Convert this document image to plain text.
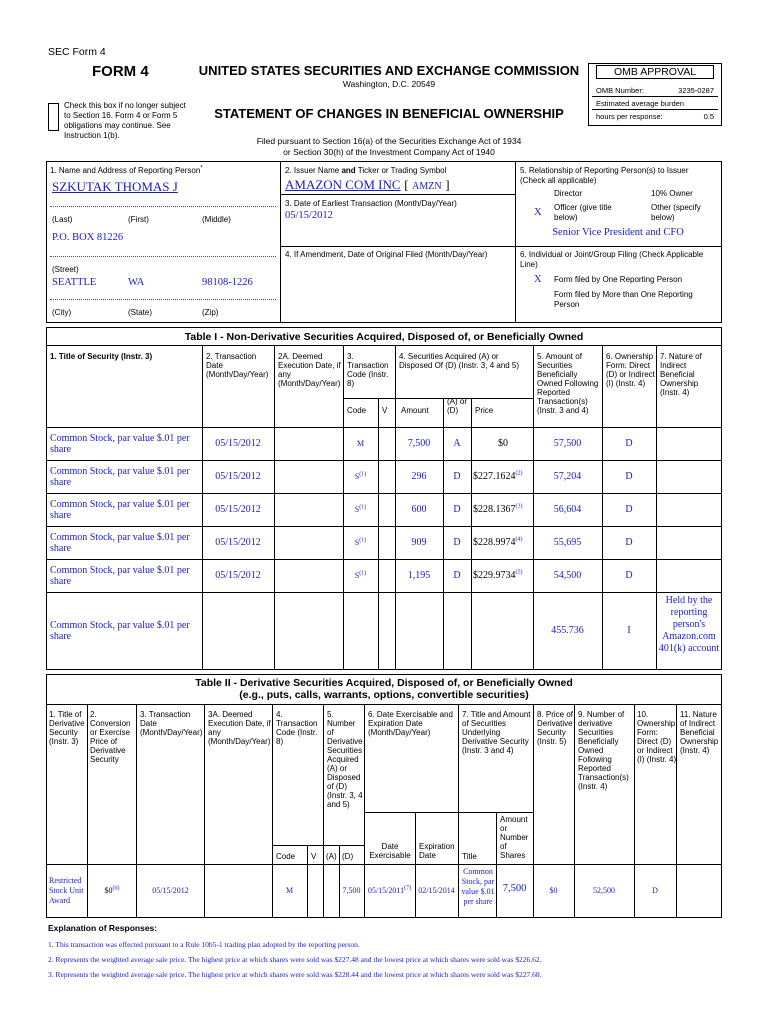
SEC Form 4
FORM 4	UNITED STATES SECURITIES AND EXCHANGE COMMISSION
Washington, D.C. 20549
Check this box if no longer subject to Section 16. Form 4 or Form 5 obligations may continue. See Instruction 1(b).
STATEMENT OF CHANGES IN BENEFICIAL OWNERSHIP
OMB APPROVAL
OMB Number:	3235-0287
Estimated average burden
hours per response:	0.5
Filed pursuant to Section 16(a) of the Securities Exchange Act of 1934
or Section 30(h) of the Investment Company Act of 1940
1. Name and Address of Reporting Person*
SZKUTAK THOMAS J
(Last)	(First)	(Middle)
P.O. BOX 81226
(Street)
SEATTLE	WA	98108-1226
(City)	(State)	(Zip)
2. Issuer Name and Ticker or Trading Symbol
AMAZON COM INC [ AMZN ]
3. Date of Earliest Transaction (Month/Day/Year)
05/15/2012
4. If Amendment, Date of Original Filed (Month/Day/Year)
5. Relationship of Reporting Person(s) to Issuer (Check all applicable)
Director	10% Owner
X Officer (give title below)
Other (specify below)
Senior Vice President and CFO
6. Individual or Joint/Group Filing (Check Applicable Line)
X Form filed by One Reporting Person
Form filed by More than One Reporting Person
Table I - Non-Derivative Securities Acquired, Disposed of, or Beneficially Owned
1. Title of Security (Instr. 3)	2. Transaction Date (Month/Day/Year)
2A. Deemed Execution Date, if any (Month/Day/Year)
3. Transaction Code (Instr. 8)
4. Securities Acquired (A) or Disposed Of (D) (Instr. 3, 4 and 5)
5. Amount of Securities Beneficially Owned Following Reported Transaction(s) (Instr. 3 and 4)
6. Ownership Form: Direct (D) or Indirect (I) (Instr. 4)
7. Nature of Indirect Beneficial Ownership (Instr. 4)
Code V Amount
(A) or (D)	Price
Common Stock, par value $.01 per share
05/15/2012	M	7,500	A	$0	57,500	D
Common Stock, par value $.01 per share
05/15/2012	$S^{(1)}$	296	D	$227.1624$^{(2)}$	57,204	D
Common Stock, par value $.01 per share
05/15/2012	$S^{(1)}$	600	D	$228.1367$^{(3)}$	56,604	D
Common Stock, par value $.01 per share
05/15/2012	$S^{(1)}$	909	D	$228.9974$^{(4)}$	55,695	D
Common Stock, par value $.01 per share
05/15/2012	$S^{(1)}$	1,195	D	$229.9734$^{(5)}$	54,500	D
Common Stock, par value $.01 per share
455.736	I
Held by the reporting person's Amazon.com 401(k) account
Table II - Derivative Securities Acquired, Disposed of, or Beneficially Owned
(e.g., puts, calls, warrants, options, convertible securities)
1. Title of Derivative Security (Instr. 3)
2. Conversion or Exercise Price of Derivative Security
3. Transaction Date (Month/Day/Year)
3A. Deemed Execution Date, if any (Month/Day/Year)
4. Transaction Code (Instr. 8)
5. Number of Derivative Securities Acquired (A) or Disposed of (D) (Instr. 3, 4 and 5)
6. Date Exercisable and Expiration Date (Month/Day/Year)
7. Title and Amount of Securities Underlying Derivative Security (Instr. 3 and 4)
8. Price of Derivative Security (Instr. 5)
9. Number of derivative Securities Beneficially Owned Following Reported Transaction(s) (Instr. 4)
10. Ownership Form: Direct (D) or Indirect (I) (Instr. 4)
11. Nature of Indirect Beneficial Ownership (Instr. 4)
Code V (A) (D)
Date Exercisable
Expiration Date	Title
Amount or Number of Shares
Restricted Stock Unit Award
$0$^{(6)}$	05/15/2012	M	7,500 05/15/2011$^{(7)}$ 02/15/2014
Common Stock, par value $.01 per share
7,500	$0	52,500	D
Explanation of Responses:
1. This transaction was effected pursuant to a Rule 10b5-1 trading plan adopted by the reporting person.
2. Represents the weighted average sale price. The highest price at which shares were sold was $227.48 and the lowest price at which shares were sold was $226.62.
3. Represents the weighted average sale price. The highest price at which shares were sold was $228.44 and the lowest price at which shares were sold was $227.68.
